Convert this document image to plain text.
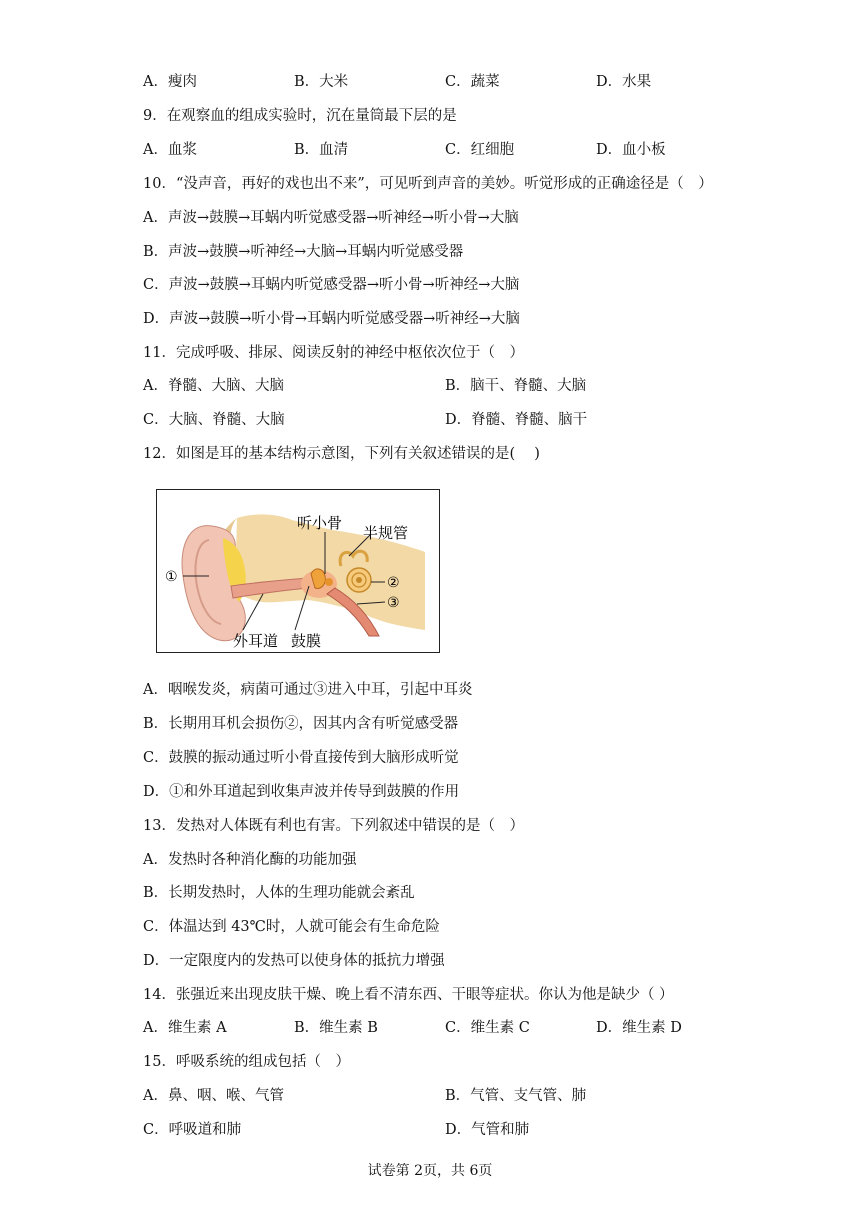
A．瘦肉	B．大米	C．蔬菜	D．水果
9．在观察血的组成实验时，沉在量筒最下层的是
A．血浆	B．血清	C．红细胞	D．血小板
10．“没声音，再好的戏也出不来”，可见听到声音的美妙。听觉形成的正确途径是（　）
A．声波→鼓膜→耳蜗内听觉感受器→听神经→听小骨→大脑
B．声波→鼓膜→听神经→大脑→耳蜗内听觉感受器
C．声波→鼓膜→耳蜗内听觉感受器→听小骨→听神经→大脑
D．声波→鼓膜→听小骨→耳蜗内听觉感受器→听神经→大脑
11．完成呼吸、排尿、阅读反射的神经中枢依次位于（　）
A．脊髓、大脑、大脑	B．脑干、脊髓、大脑
C．大脑、脊髓、大脑	D．脊髓、脊髓、脑干
12．如图是耳的基本结构示意图，下列有关叙述错误的是(　 )
听小骨
半规管
①	②
③
外耳道 鼓膜
A．咽喉发炎，病菌可通过③进入中耳，引起中耳炎
B．长期用耳机会损伤②，因其内含有听觉感受器
C．鼓膜的振动通过听小骨直接传到大脑形成听觉
D．①和外耳道起到收集声波并传导到鼓膜的作用
13．发热对人体既有利也有害。下列叙述中错误的是（　）
A．发热时各种消化酶的功能加强
B．长期发热时，人体的生理功能就会紊乱
C．体温达到 43℃时，人就可能会有生命危险
D．一定限度内的发热可以使身体的抵抗力增强
14．张强近来出现皮肤干燥、晚上看不清东西、干眼等症状。你认为他是缺少（ ）
A．维生素 A	B．维生素 B	C．维生素 C	D．维生素 D
15．呼吸系统的组成包括（　）
A．鼻、咽、喉、气管	B．气管、支气管、肺
C．呼吸道和肺	D．气管和肺
试卷第 2页，共 6页
